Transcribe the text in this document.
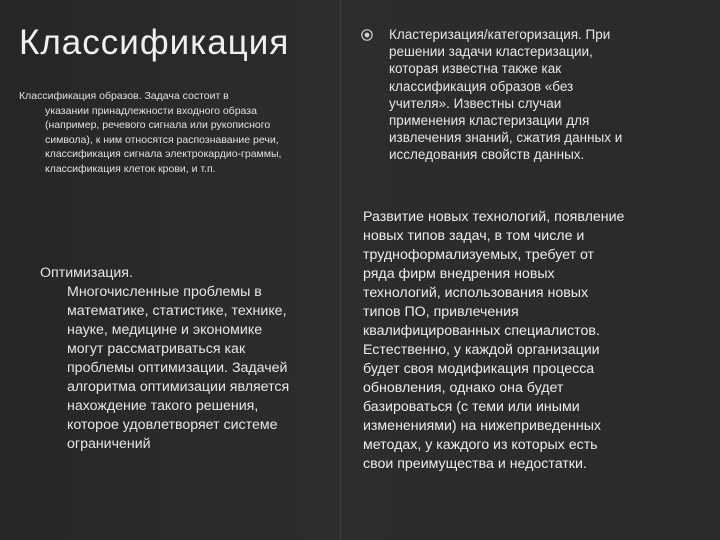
Классификация
Классификация образов. Задача состоит в
указании принадлежности входного образа (например, речевого сигнала или рукописного символа), к ним относятся распознавание речи, классификация сигнала электрокардио-граммы, классификация клеток крови, и т.п.
Оптимизация.
Многочисленные проблемы в математике, статистике, технике, науке, медицине и экономике могут рассматриваться как проблемы оптимизации. Задачей алгоритма оптимизации является нахождение такого решения, которое удовлетворяет системе ограничений
Кластеризация/категоризация. При решении задачи кластеризации, которая известна также как классификация образов «без учителя». Известны случаи применения кластеризации для извлечения знаний, сжатия данных и исследования свойств данных.
Развитие новых технологий, появление новых типов задач, в том числе и трудноформализуемых, требует от ряда фирм внедрения новых технологий, использования новых типов ПО, привлечения квалифицированных специалистов. Естественно, у каждой организации будет своя модификация процесса обновления, однако она будет базироваться (с теми или иными изменениями) на нижеприведенных методах, у каждого из которых есть свои преимущества и недостатки.
